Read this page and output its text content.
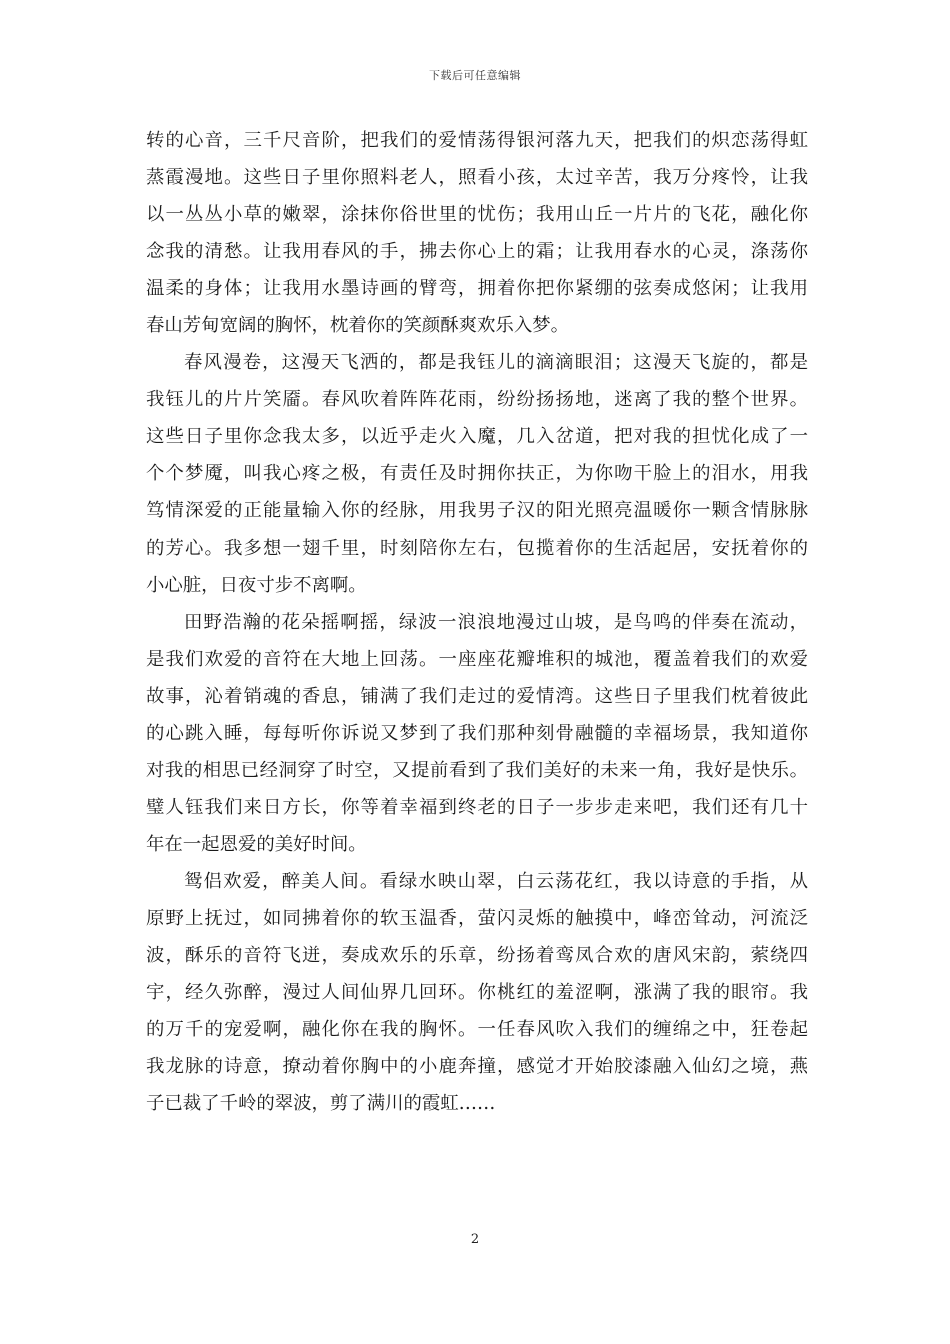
下载后可任意编辑
转的心音，三千尺音阶，把我们的爱情荡得银河落九天，把我们的炽恋荡得虹
蒸霞漫地。这些日子里你照料老人，照看小孩，太过辛苦，我万分疼怜，让我
以一丛丛小草的嫩翠，涂抹你俗世里的忧伤；我用山丘一片片的飞花，融化你
念我的清愁。让我用春风的手，拂去你心上的霜；让我用春水的心灵，涤荡你
温柔的身体；让我用水墨诗画的臂弯，拥着你把你紧绷的弦奏成悠闲；让我用
春山芳甸宽阔的胸怀，枕着你的笑颜酥爽欢乐入梦。
春风漫卷，这漫天飞洒的，都是我钰儿的滴滴眼泪；这漫天飞旋的，都是
我钰儿的片片笑靥。春风吹着阵阵花雨，纷纷扬扬地，迷离了我的整个世界。
这些日子里你念我太多，以近乎走火入魔，几入岔道，把对我的担忧化成了一
个个梦魇，叫我心疼之极，有责任及时拥你扶正，为你吻干脸上的泪水，用我
笃情深爱的正能量输入你的经脉，用我男子汉的阳光照亮温暖你一颗含情脉脉
的芳心。我多想一翅千里，时刻陪你左右，包揽着你的生活起居，安抚着你的
小心脏，日夜寸步不离啊。
田野浩瀚的花朵摇啊摇，绿波一浪浪地漫过山坡，是鸟鸣的伴奏在流动，
是我们欢爱的音符在大地上回荡。一座座花瓣堆积的城池，覆盖着我们的欢爱
故事，沁着销魂的香息，铺满了我们走过的爱情湾。这些日子里我们枕着彼此
的心跳入睡，每每听你诉说又梦到了我们那种刻骨融髓的幸福场景，我知道你
对我的相思已经洞穿了时空，又提前看到了我们美好的未来一角，我好是快乐。
璧人钰我们来日方长，你等着幸福到终老的日子一步步走来吧，我们还有几十
年在一起恩爱的美好时间。
鸳侣欢爱，醉美人间。看绿水映山翠，白云荡花红，我以诗意的手指，从
原野上抚过，如同拂着你的软玉温香，萤闪灵烁的触摸中，峰峦耸动，河流泛
波，酥乐的音符飞迸，奏成欢乐的乐章，纷扬着鸾凤合欢的唐风宋韵，萦绕四
宇，经久弥醉，漫过人间仙界几回环。你桃红的羞涩啊，涨满了我的眼帘。我
的万千的宠爱啊，融化你在我的胸怀。一任春风吹入我们的缠绵之中，狂卷起
我龙脉的诗意，撩动着你胸中的小鹿奔撞，感觉才开始胶漆融入仙幻之境，燕
子已裁了千岭的翠波，剪了满川的霞虹……
2
